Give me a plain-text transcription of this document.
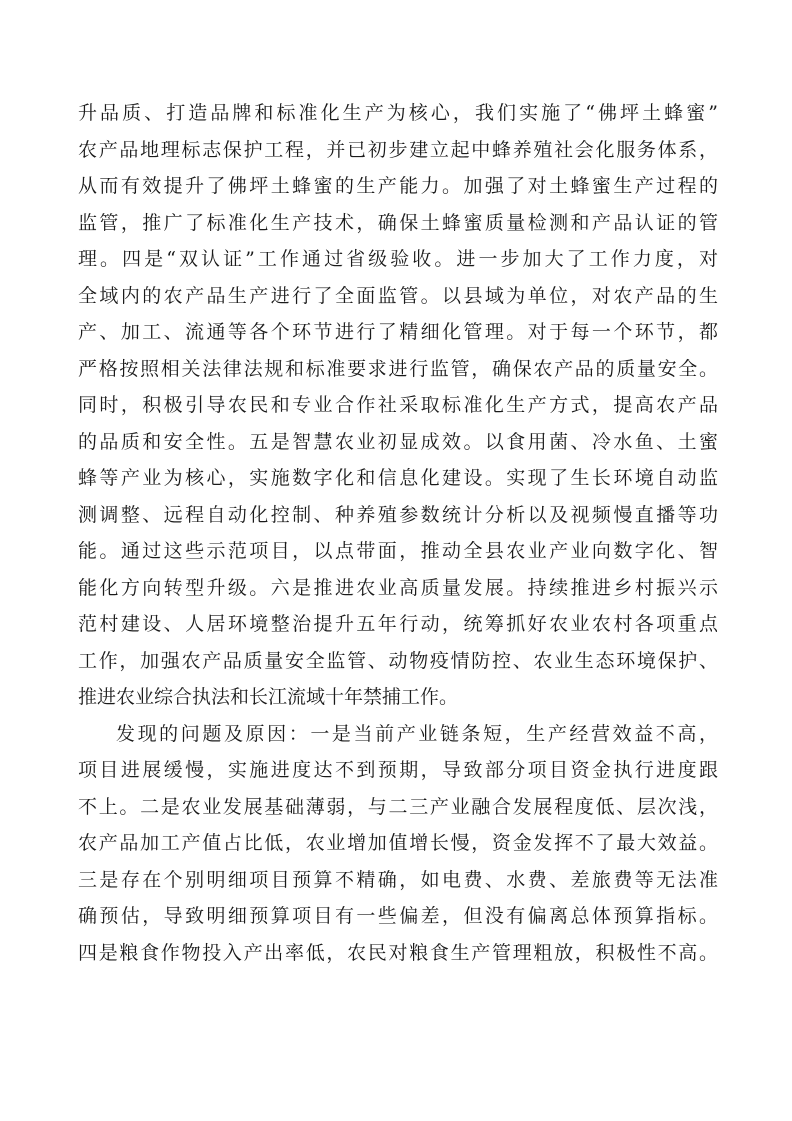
升品质、打造品牌和标准化生产为核心，我们实施了“佛坪土蜂蜜”
农产品地理标志保护工程，并已初步建立起中蜂养殖社会化服务体系，
从而有效提升了佛坪土蜂蜜的生产能力。加强了对土蜂蜜生产过程的
监管，推广了标准化生产技术，确保土蜂蜜质量检测和产品认证的管
理。四是“双认证”工作通过省级验收。进一步加大了工作力度，对
全域内的农产品生产进行了全面监管。以县域为单位，对农产品的生
产、加工、流通等各个环节进行了精细化管理。对于每一个环节，都
严格按照相关法律法规和标准要求进行监管，确保农产品的质量安全。
同时，积极引导农民和专业合作社采取标准化生产方式，提高农产品
的品质和安全性。五是智慧农业初显成效。以食用菌、冷水鱼、土蜜
蜂等产业为核心，实施数字化和信息化建设。实现了生长环境自动监
测调整、远程自动化控制、种养殖参数统计分析以及视频慢直播等功
能。通过这些示范项目，以点带面，推动全县农业产业向数字化、智
能化方向转型升级。六是推进农业高质量发展。持续推进乡村振兴示
范村建设、人居环境整治提升五年行动，统筹抓好农业农村各项重点
工作，加强农产品质量安全监管、动物疫情防控、农业生态环境保护、
推进农业综合执法和长江流域十年禁捕工作。
发现的问题及原因：一是当前产业链条短，生产经营效益不高，
项目进展缓慢，实施进度达不到预期，导致部分项目资金执行进度跟
不上。二是农业发展基础薄弱，与二三产业融合发展程度低、层次浅，
农产品加工产值占比低，农业增加值增长慢，资金发挥不了最大效益。
三是存在个别明细项目预算不精确，如电费、水费、差旅费等无法准
确预估，导致明细预算项目有一些偏差，但没有偏离总体预算指标。
四是粮食作物投入产出率低，农民对粮食生产管理粗放，积极性不高。
